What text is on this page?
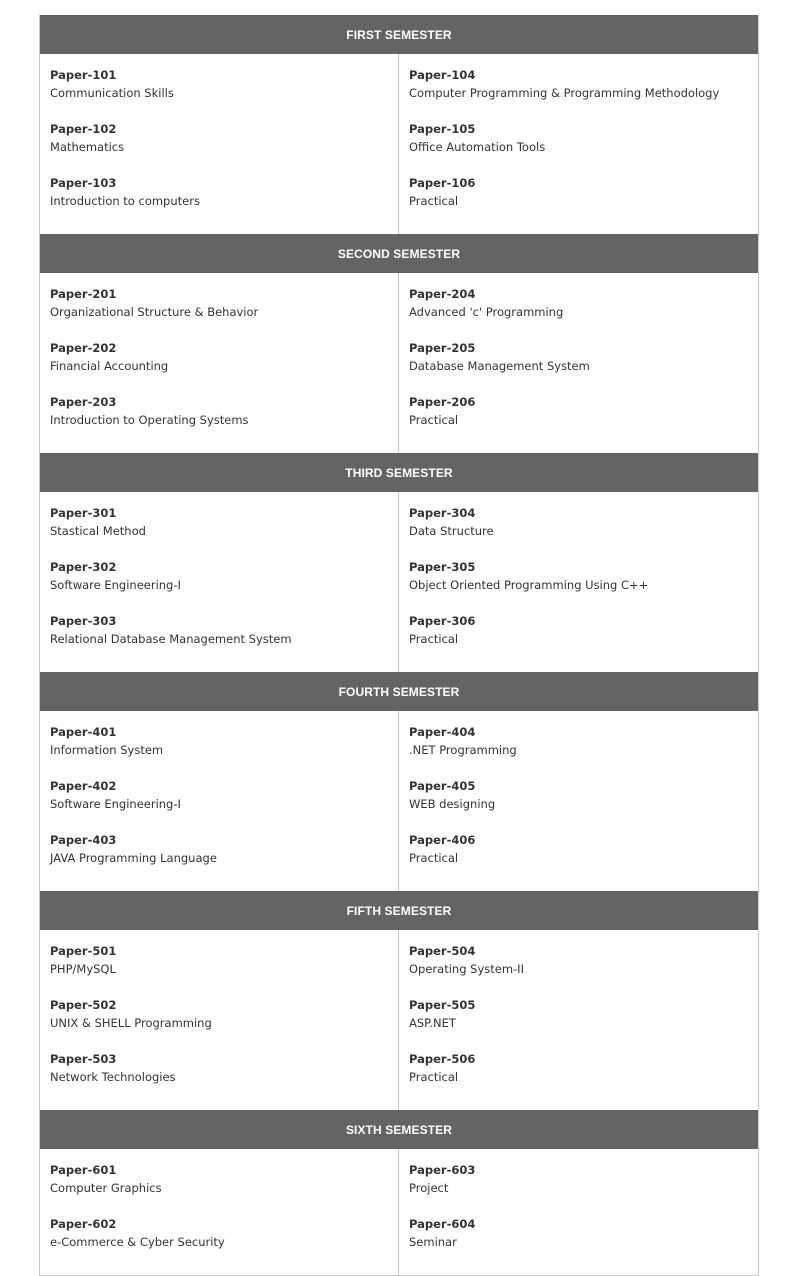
FIRST SEMESTER
Paper-101
Communication Skills
Paper-102
Mathematics
Paper-103
Introduction to computers
Paper-104
Computer Programming & Programming Methodology
Paper-105
Office Automation Tools
Paper-106
Practical
SECOND SEMESTER
Paper-201
Organizational Structure & Behavior
Paper-202
Financial Accounting
Paper-203
Introduction to Operating Systems
Paper-204
Advanced 'c' Programming
Paper-205
Database Management System
Paper-206
Practical
THIRD SEMESTER
Paper-301
Stastical Method
Paper-302
Software Engineering-I
Paper-303
Relational Database Management System
Paper-304
Data Structure
Paper-305
Object Oriented Programming Using C++
Paper-306
Practical
FOURTH SEMESTER
Paper-401
Information System
Paper-402
Software Engineering-I
Paper-403
JAVA Programming Language
Paper-404
.NET Programming
Paper-405
WEB designing
Paper-406
Practical
FIFTH SEMESTER
Paper-501
PHP/MySQL
Paper-502
UNIX & SHELL Programming
Paper-503
Network Technologies
Paper-504
Operating System-II
Paper-505
ASP.NET
Paper-506
Practical
SIXTH SEMESTER
Paper-601
Computer Graphics
Paper-602
e-Commerce & Cyber Security
Paper-603
Project
Paper-604
Seminar
